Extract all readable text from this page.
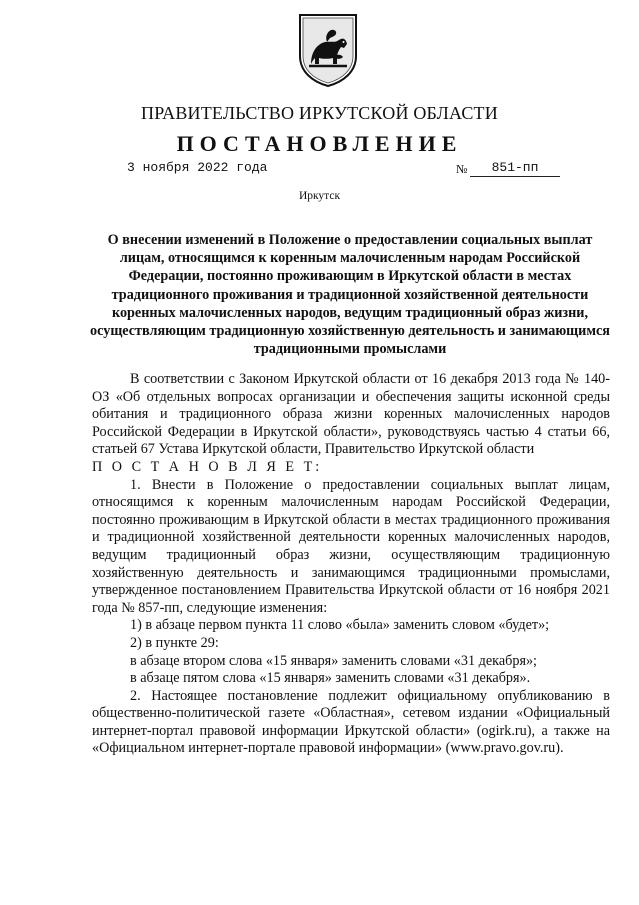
ПРАВИТЕЛЬСТВО ИРКУТСКОЙ ОБЛАСТИ
ПОСТАНОВЛЕНИЕ
3 ноября 2022 года	№	851-пп
Иркутск
О внесении изменений в Положение о предоставлении социальных выплат лицам, относящимся к коренным малочисленным народам Российской Федерации, постоянно проживающим в Иркутской области в местах традиционного проживания и традиционной хозяйственной деятельности коренных малочисленных народов, ведущим традиционный образ жизни, осуществляющим традиционную хозяйственную деятельность и занимающимся традиционными промыслами

В соответствии с Законом Иркутской области от 16 декабря 2013 года № 140-ОЗ «Об отдельных вопросах организации и обеспечения защиты исконной среды обитания и традиционного образа жизни коренных малочисленных народов Российской Федерации в Иркутской области», руководствуясь частью 4 статьи 66, статьей 67 Устава Иркутской области, Правительство Иркутской области

П О С Т А Н О В Л Я Е Т:

1. Внести в Положение о предоставлении социальных выплат лицам, относящимся к коренным малочисленным народам Российской Федерации, постоянно проживающим в Иркутской области в местах традиционного проживания и традиционной хозяйственной деятельности коренных малочисленных народов, ведущим традиционный образ жизни, осуществляющим традиционную хозяйственную деятельность и занимающимся традиционными промыслами, утвержденное постановлением Правительства Иркутской области от 16 ноября 2021 года № 857-пп, следующие изменения:

1) в абзаце первом пункта 11 слово «была» заменить словом «будет»;

2) в пункте 29:

в абзаце втором слова «15 января» заменить словами «31 декабря»;

в абзаце пятом слова «15 января» заменить словами «31 декабря».

2. Настоящее постановление подлежит официальному опубликованию в общественно-политической газете «Областная», сетевом издании «Официальный интернет-портал правовой информации Иркутской области» (ogirk.ru), а также на «Официальном интернет-портале правовой информации» (www.pravo.gov.ru).
